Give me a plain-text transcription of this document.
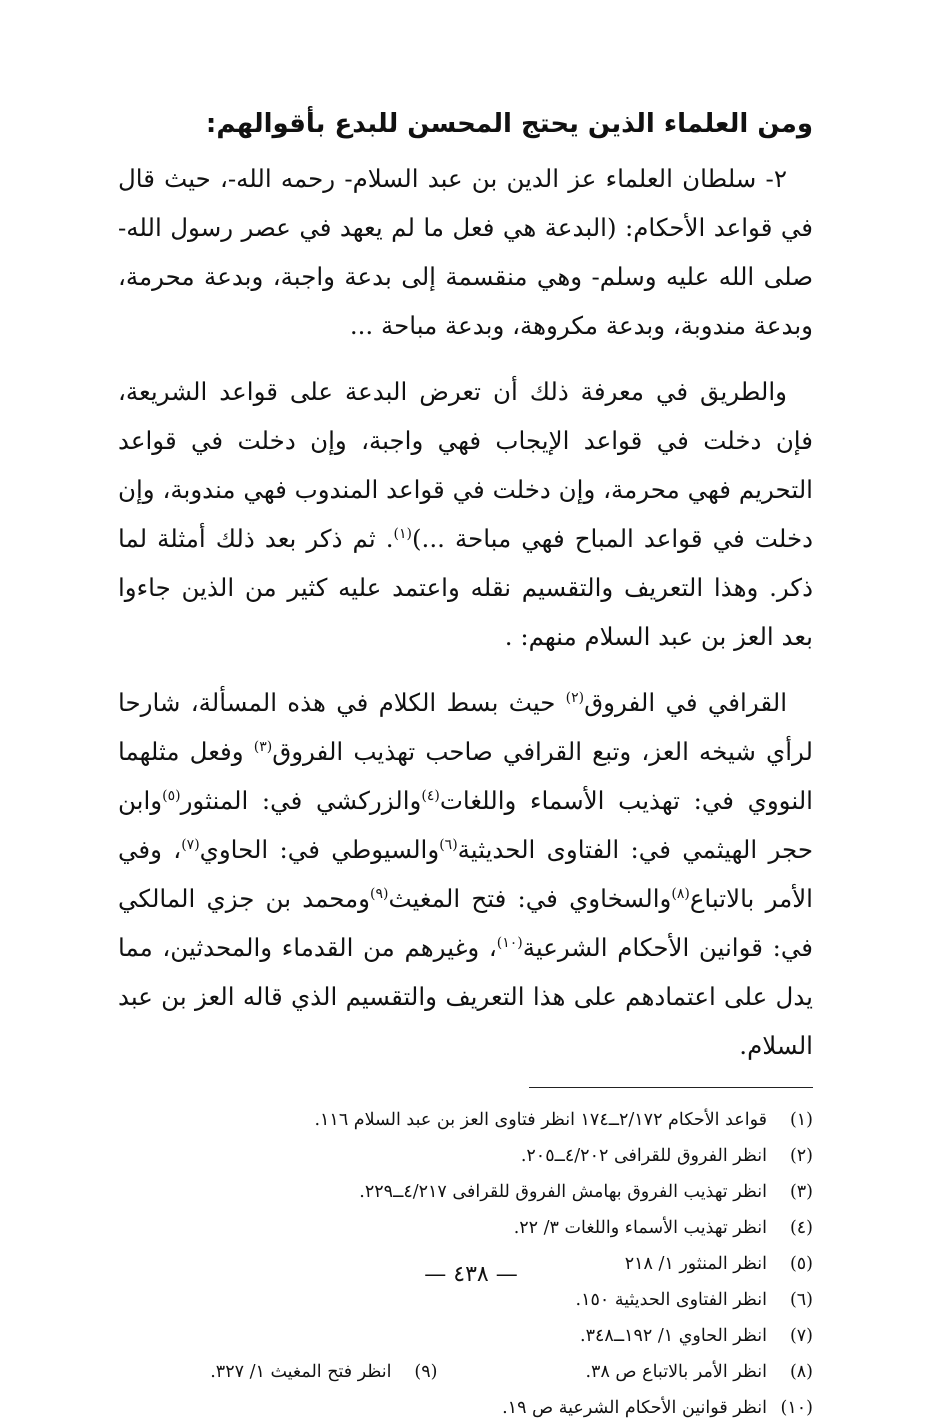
ومن العلماء الذين يحتج المحسن للبدع بأقوالهم:

٢- سلطان العلماء عز الدين بن عبد السلام- رحمه الله-، حيث قال في قواعد الأحكام: (البدعة هي فعل ما لم يعهد في عصر رسول الله- صلى الله عليه وسلم- وهي منقسمة إلى بدعة واجبة، وبدعة محرمة، وبدعة مندوبة، وبدعة مكروهة، وبدعة مباحة ...

والطريق في معرفة ذلك أن تعرض البدعة على قواعد الشريعة، فإن دخلت في قواعد الإيجاب فهي واجبة، وإن دخلت في قواعد التحريم فهي محرمة، وإن دخلت في قواعد المندوب فهي مندوبة، وإن دخلت في قواعد المباح فهي مباحة ...)$^{(١)}$. ثم ذكر بعد ذلك أمثلة لما ذكر. وهذا التعريف والتقسيم نقله واعتمد عليه كثير من الذين جاءوا بعد العز بن عبد السلام منهم: .

القرافي في الفروق$^{(٢)}$ حيث بسط الكلام في هذه المسألة، شارحا لرأي شيخه العز، وتبع القرافي صاحب تهذيب الفروق$^{(٣)}$ وفعل مثلهما النووي في: تهذيب الأسماء واللغات$^{(٤)}$والزركشي في: المنثور$^{(٥)}$وابن حجر الهيثمي في: الفتاوى الحديثية$^{(٦)}$والسيوطي في: الحاوي$^{(٧)}$، وفي الأمر بالاتباع$^{(٨)}$والسخاوي في: فتح المغيث$^{(٩)}$ومحمد بن جزي المالكي في: قوانين الأحكام الشرعية$^{(١٠)}$، وغيرهم من القدماء والمحدثين، مما يدل على اعتمادهم على هذا التعريف والتقسيم الذي قاله العز بن عبد السلام.

(١)
قواعد الأحكام ٢/١٧٢ــ١٧٤ انظر فتاوى العز بن عبد السلام ١١٦.
(٢)
انظر الفروق للقرافى ٤/٢٠٢ــ٢٠٥.
(٣)
انظر تهذيب الفروق بهامش الفروق للقرافى ٤/٢١٧ــ٢٢٩.
(٤)
انظر تهذيب الأسماء واللغات ٣/ ٢٢.
(٥)
انظر المنثور ١/ ٢١٨
(٦)
انظر الفتاوى الحديثية ١٥٠.
(٧)
انظر الحاوي ١/ ١٩٢ــ٣٤٨.
(٨)
انظر الأمر بالاتباع ص ٣٨.
(٩)
انظر فتح المغيث ١/ ٣٢٧.
(١٠)
انظر قوانين الأحكام الشرعية ص ١٩.
— ٤٣٨ —
